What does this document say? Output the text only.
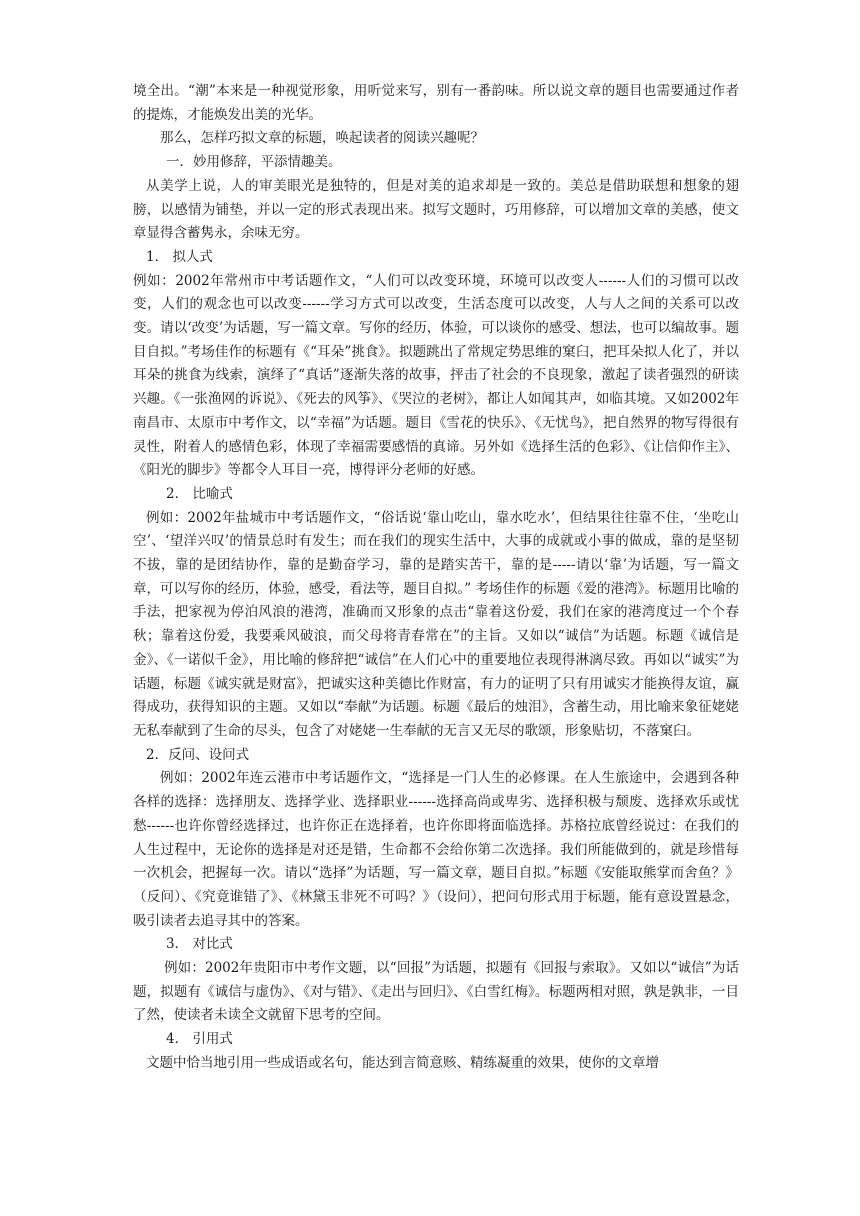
境全出。“潮”本来是一种视觉形象，用听觉来写，别有一番韵味。所以说文章的题目也需要通过作者的提炼，才能焕发出美的光华。

那么，怎样巧拟文章的标题，唤起读者的阅读兴趣呢？

一．妙用修辞，平添情趣美。

从美学上说，人的审美眼光是独特的，但是对美的追求却是一致的。美总是借助联想和想象的翅膀，以感情为铺垫，并以一定的形式表现出来。拟写文题时，巧用修辞，可以增加文章的美感，使文章显得含蓄隽永，余味无穷。

1． 拟人式

例如：2002年常州市中考话题作文，“人们可以改变环境，环境可以改变人------人们的习惯可以改变，人们的观念也可以改变------学习方式可以改变，生活态度可以改变，人与人之间的关系可以改变。请以‘改变’为话题，写一篇文章。写你的经历，体验，可以谈你的感受、想法，也可以编故事。题目自拟。”考场佳作的标题有《“耳朵”挑食》。拟题跳出了常规定势思维的窠臼，把耳朵拟人化了，并以耳朵的挑食为线索，演绎了“真话”逐渐失落的故事，抨击了社会的不良现象，激起了读者强烈的研读兴趣。《一张渔网的诉说》、《死去的风筝》、《哭泣的老树》，都让人如闻其声，如临其境。又如2002年南昌市、太原市中考作文，以“幸福”为话题。题目《雪花的快乐》、《无忧鸟》，把自然界的物写得很有灵性，附着人的感情色彩，体现了幸福需要感悟的真谛。另外如《选择生活的色彩》、《让信仰作主》、《阳光的脚步》等都令人耳目一亮，博得评分老师的好感。

2． 比喻式

例如：2002年盐城市中考话题作文，“俗话说‘靠山吃山，靠水吃水’，但结果往往靠不住，‘坐吃山空’、‘望洋兴叹’的情景总时有发生；而在我们的现实生活中，大事的成就或小事的做成，靠的是坚韧不拔，靠的是团结协作，靠的是勤奋学习，靠的是踏实苦干，靠的是-----请以‘靠’为话题，写一篇文章，可以写你的经历，体验，感受，看法等，题目自拟。” 考场佳作的标题《爱的港湾》。标题用比喻的手法，把家视为停泊风浪的港湾，准确而又形象的点击“靠着这份爱，我们在家的港湾度过一个个春秋；靠着这份爱，我要乘风破浪，而父母将青春常在”的主旨。又如以“诚信”为话题。标题《诚信是金》、《一诺似千金》，用比喻的修辞把“诚信”在人们心中的重要地位表现得淋漓尽致。再如以“诚实”为话题，标题《诚实就是财富》，把诚实这种美德比作财富，有力的证明了只有用诚实才能换得友谊，赢得成功，获得知识的主题。又如以“奉献”为话题。标题《最后的烛泪》，含蓄生动，用比喻来象征姥姥无私奉献到了生命的尽头，包含了对姥姥一生奉献的无言又无尽的歌颂，形象贴切，不落窠臼。

2．反问、设问式

例如：2002年连云港市中考话题作文，“选择是一门人生的必修课。在人生旅途中，会遇到各种各样的选择：选择朋友、选择学业、选择职业------选择高尚或卑劣、选择积极与颓废、选择欢乐或忧愁------也许你曾经选择过，也许你正在选择着，也许你即将面临选择。苏格拉底曾经说过：在我们的人生过程中，无论你的选择是对还是错，生命都不会给你第二次选择。我们所能做到的，就是珍惜每一次机会，把握每一次。请以“选择”为话题，写一篇文章，题目自拟。”标题《安能取熊掌而舍鱼？》（反问）、《究竟谁错了》、《林黛玉非死不可吗？》（设问），把问句形式用于标题，能有意设置悬念，吸引读者去追寻其中的答案。

3． 对比式

例如：2002年贵阳市中考作文题，以“回报”为话题，拟题有《回报与索取》。又如以“诚信”为话题，拟题有《诚信与虚伪》、《对与错》、《走出与回归》、《白雪红梅》。标题两相对照，孰是孰非，一目了然，使读者未读全文就留下思考的空间。

4． 引用式

文题中恰当地引用一些成语或名句，能达到言简意赅、精练凝重的效果，使你的文章增
